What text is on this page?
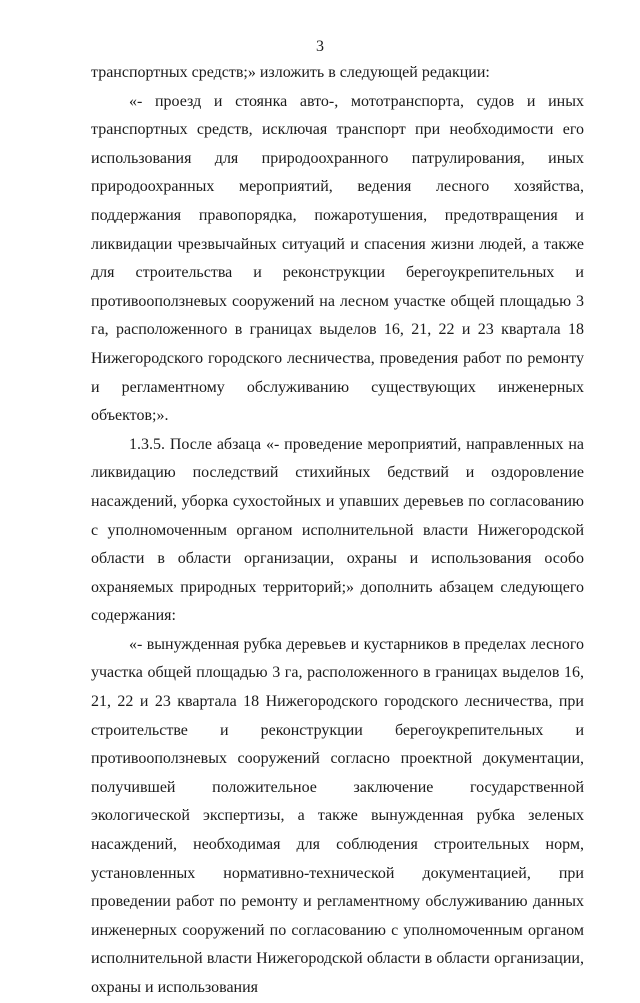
3

транспортных средств;» изложить в следующей редакции:

«- проезд и стоянка авто-, мототранспорта, судов и иных транспортных средств, исключая транспорт при необходимости его использования для природоохранного патрулирования, иных природоохранных мероприятий, ведения лесного хозяйства, поддержания правопорядка, пожаротушения, предотвращения и ликвидации чрезвычайных ситуаций и спасения жизни людей, а также для строительства и реконструкции берегоукрепительных и противооползневых сооружений на лесном участке общей площадью 3 га, расположенного в границах выделов 16, 21, 22 и 23 квартала 18 Нижегородского городского лесничества, проведения работ по ремонту и регламентному обслуживанию существующих инженерных объектов;».

1.3.5. После абзаца «- проведение мероприятий, направленных на ликвидацию последствий стихийных бедствий и оздоровление насаждений, уборка сухостойных и упавших деревьев по согласованию с уполномоченным органом исполнительной власти Нижегородской области в области организации, охраны и использования особо охраняемых природных территорий;» дополнить абзацем следующего содержания:

«- вынужденная рубка деревьев и кустарников в пределах лесного участка общей площадью 3 га, расположенного в границах выделов 16, 21, 22 и 23 квартала 18 Нижегородского городского лесничества, при строительстве и реконструкции берегоукрепительных и противооползневых сооружений согласно проектной документации, получившей положительное заключение государственной экологической экспертизы, а также вынужденная рубка зеленых насаждений, необходимая для соблюдения строительных норм, установленных нормативно-технической документацией, при проведении работ по ремонту и регламентному обслуживанию данных инженерных сооружений по согласованию с уполномоченным органом исполнительной власти Нижегородской области в области организации, охраны и использования
